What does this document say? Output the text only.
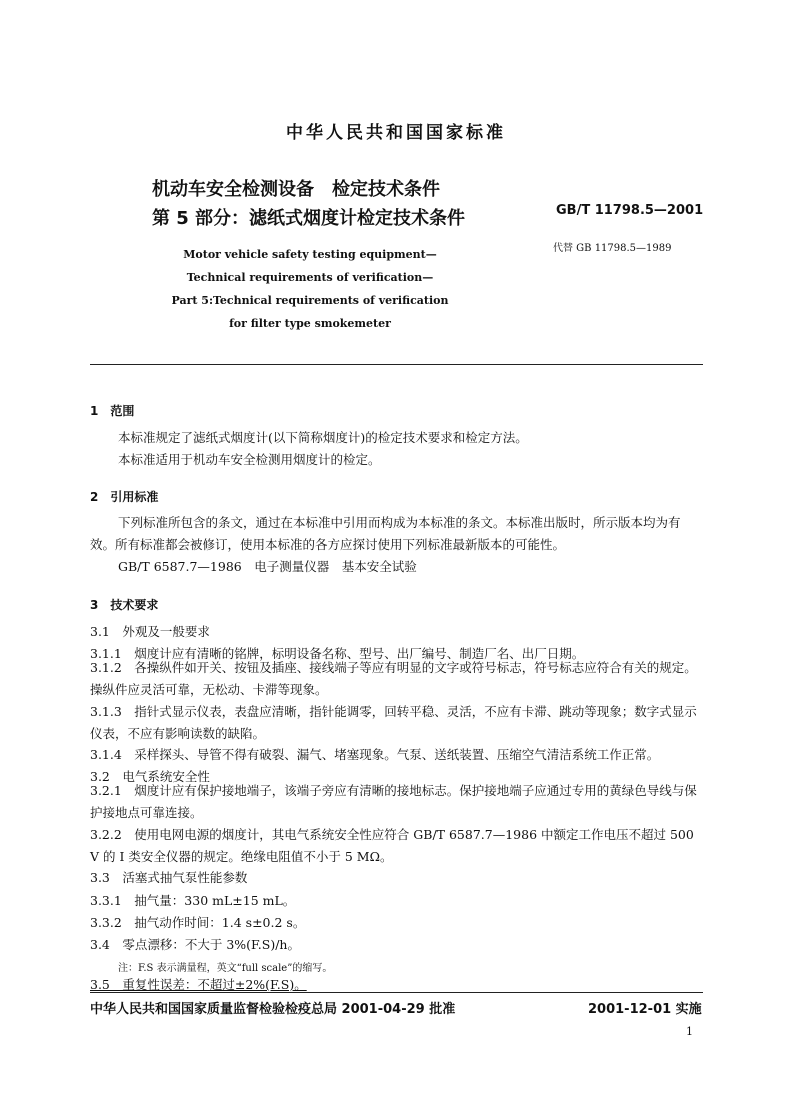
中华人民共和国国家标准
机动车安全检测设备　检定技术条件
第 5 部分：滤纸式烟度计检定技术条件	GB/T 11798.5—2001
代替 GB 11798.5—1989
Motor vehicle safety testing equipment—
Technical requirements of verification—
Part 5:Technical requirements of verification
for filter type smokemeter
1　范围
本标准规定了滤纸式烟度计(以下简称烟度计)的检定技术要求和检定方法。
本标准适用于机动车安全检测用烟度计的检定。
2　引用标准
下列标准所包含的条文，通过在本标准中引用而构成为本标准的条文。本标准出版时，所示版本均为有效。所有标准都会被修订，使用本标准的各方应探讨使用下列标准最新版本的可能性。
GB/T 6587.7—1986　电子测量仪器　基本安全试验
3　技术要求
3.1　外观及一般要求
3.1.1　烟度计应有清晰的铭牌，标明设备名称、型号、出厂编号、制造厂名、出厂日期。
3.1.2　各操纵件如开关、按钮及插座、接线端子等应有明显的文字或符号标志，符号标志应符合有关的规定。操纵件应灵活可靠，无松动、卡滞等现象。
3.1.3　指针式显示仪表，表盘应清晰，指针能调零，回转平稳、灵活，不应有卡滞、跳动等现象；数字式显示仪表，不应有影响读数的缺陷。
3.1.4　采样探头、导管不得有破裂、漏气、堵塞现象。气泵、送纸装置、压缩空气清洁系统工作正常。
3.2　电气系统安全性
3.2.1　烟度计应有保护接地端子，该端子旁应有清晰的接地标志。保护接地端子应通过专用的黄绿色导线与保护接地点可靠连接。
3.2.2　使用电网电源的烟度计，其电气系统安全性应符合 GB/T 6587.7—1986 中额定工作电压不超过 500 V 的 I 类安全仪器的规定。绝缘电阻值不小于 5 MΩ。
3.3　活塞式抽气泵性能参数
3.3.1　抽气量：330 mL±15 mL。
3.3.2　抽气动作时间：1.4 s±0.2 s。
3.4　零点漂移：不大于 3%(F.S)/h。
注：F.S 表示满量程，英文“full scale”的缩写。
3.5　重复性误差：不超过±2%(F.S)。
中华人民共和国国家质量监督检验检疫总局 2001-04-29 批准	2001-12-01 实施
1
